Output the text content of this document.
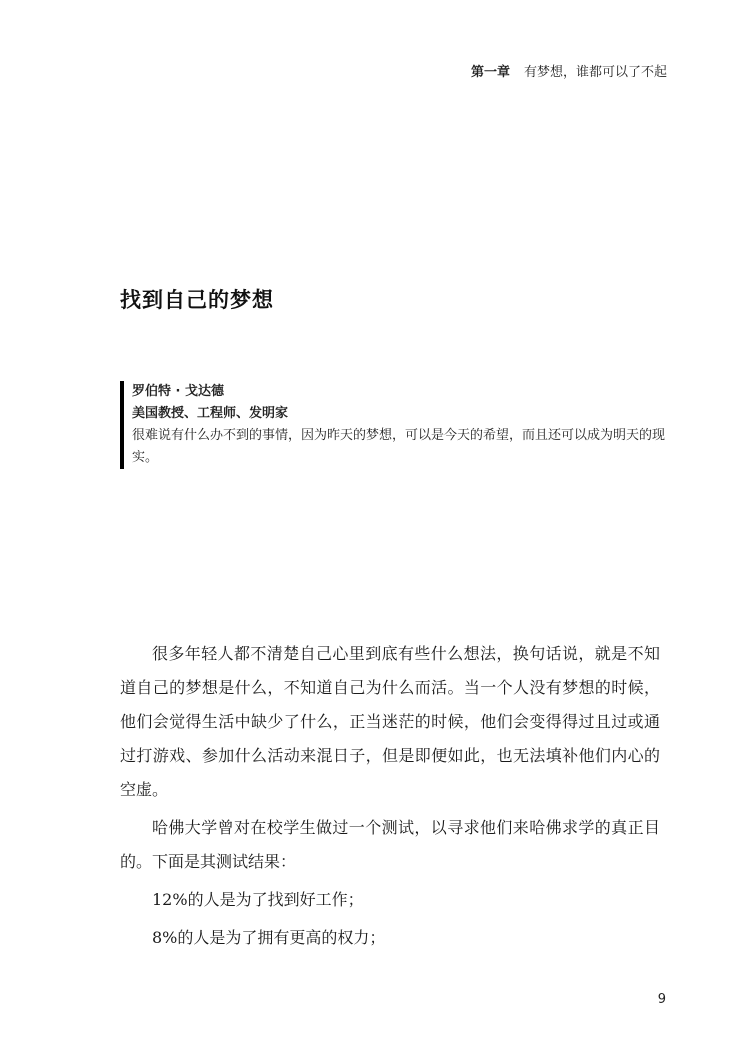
第一章 有梦想，谁都可以了不起
找到自己的梦想
罗伯特 · 戈达德
美国教授、工程师、发明家
很难说有什么办不到的事情，因为昨天的梦想，可以是今天的希望，而且还可以成为明天的现实。

很多年轻人都不清楚自己心里到底有些什么想法，换句话说，就是不知道自己的梦想是什么，不知道自己为什么而活。当一个人没有梦想的时候，他们会觉得生活中缺少了什么，正当迷茫的时候，他们会变得得过且过或通过打游戏、参加什么活动来混日子，但是即便如此，也无法填补他们内心的空虚。

哈佛大学曾对在校学生做过一个测试，以寻求他们来哈佛求学的真正目的。下面是其测试结果：

12%的人是为了找到好工作；

8%的人是为了拥有更高的权力；

9
